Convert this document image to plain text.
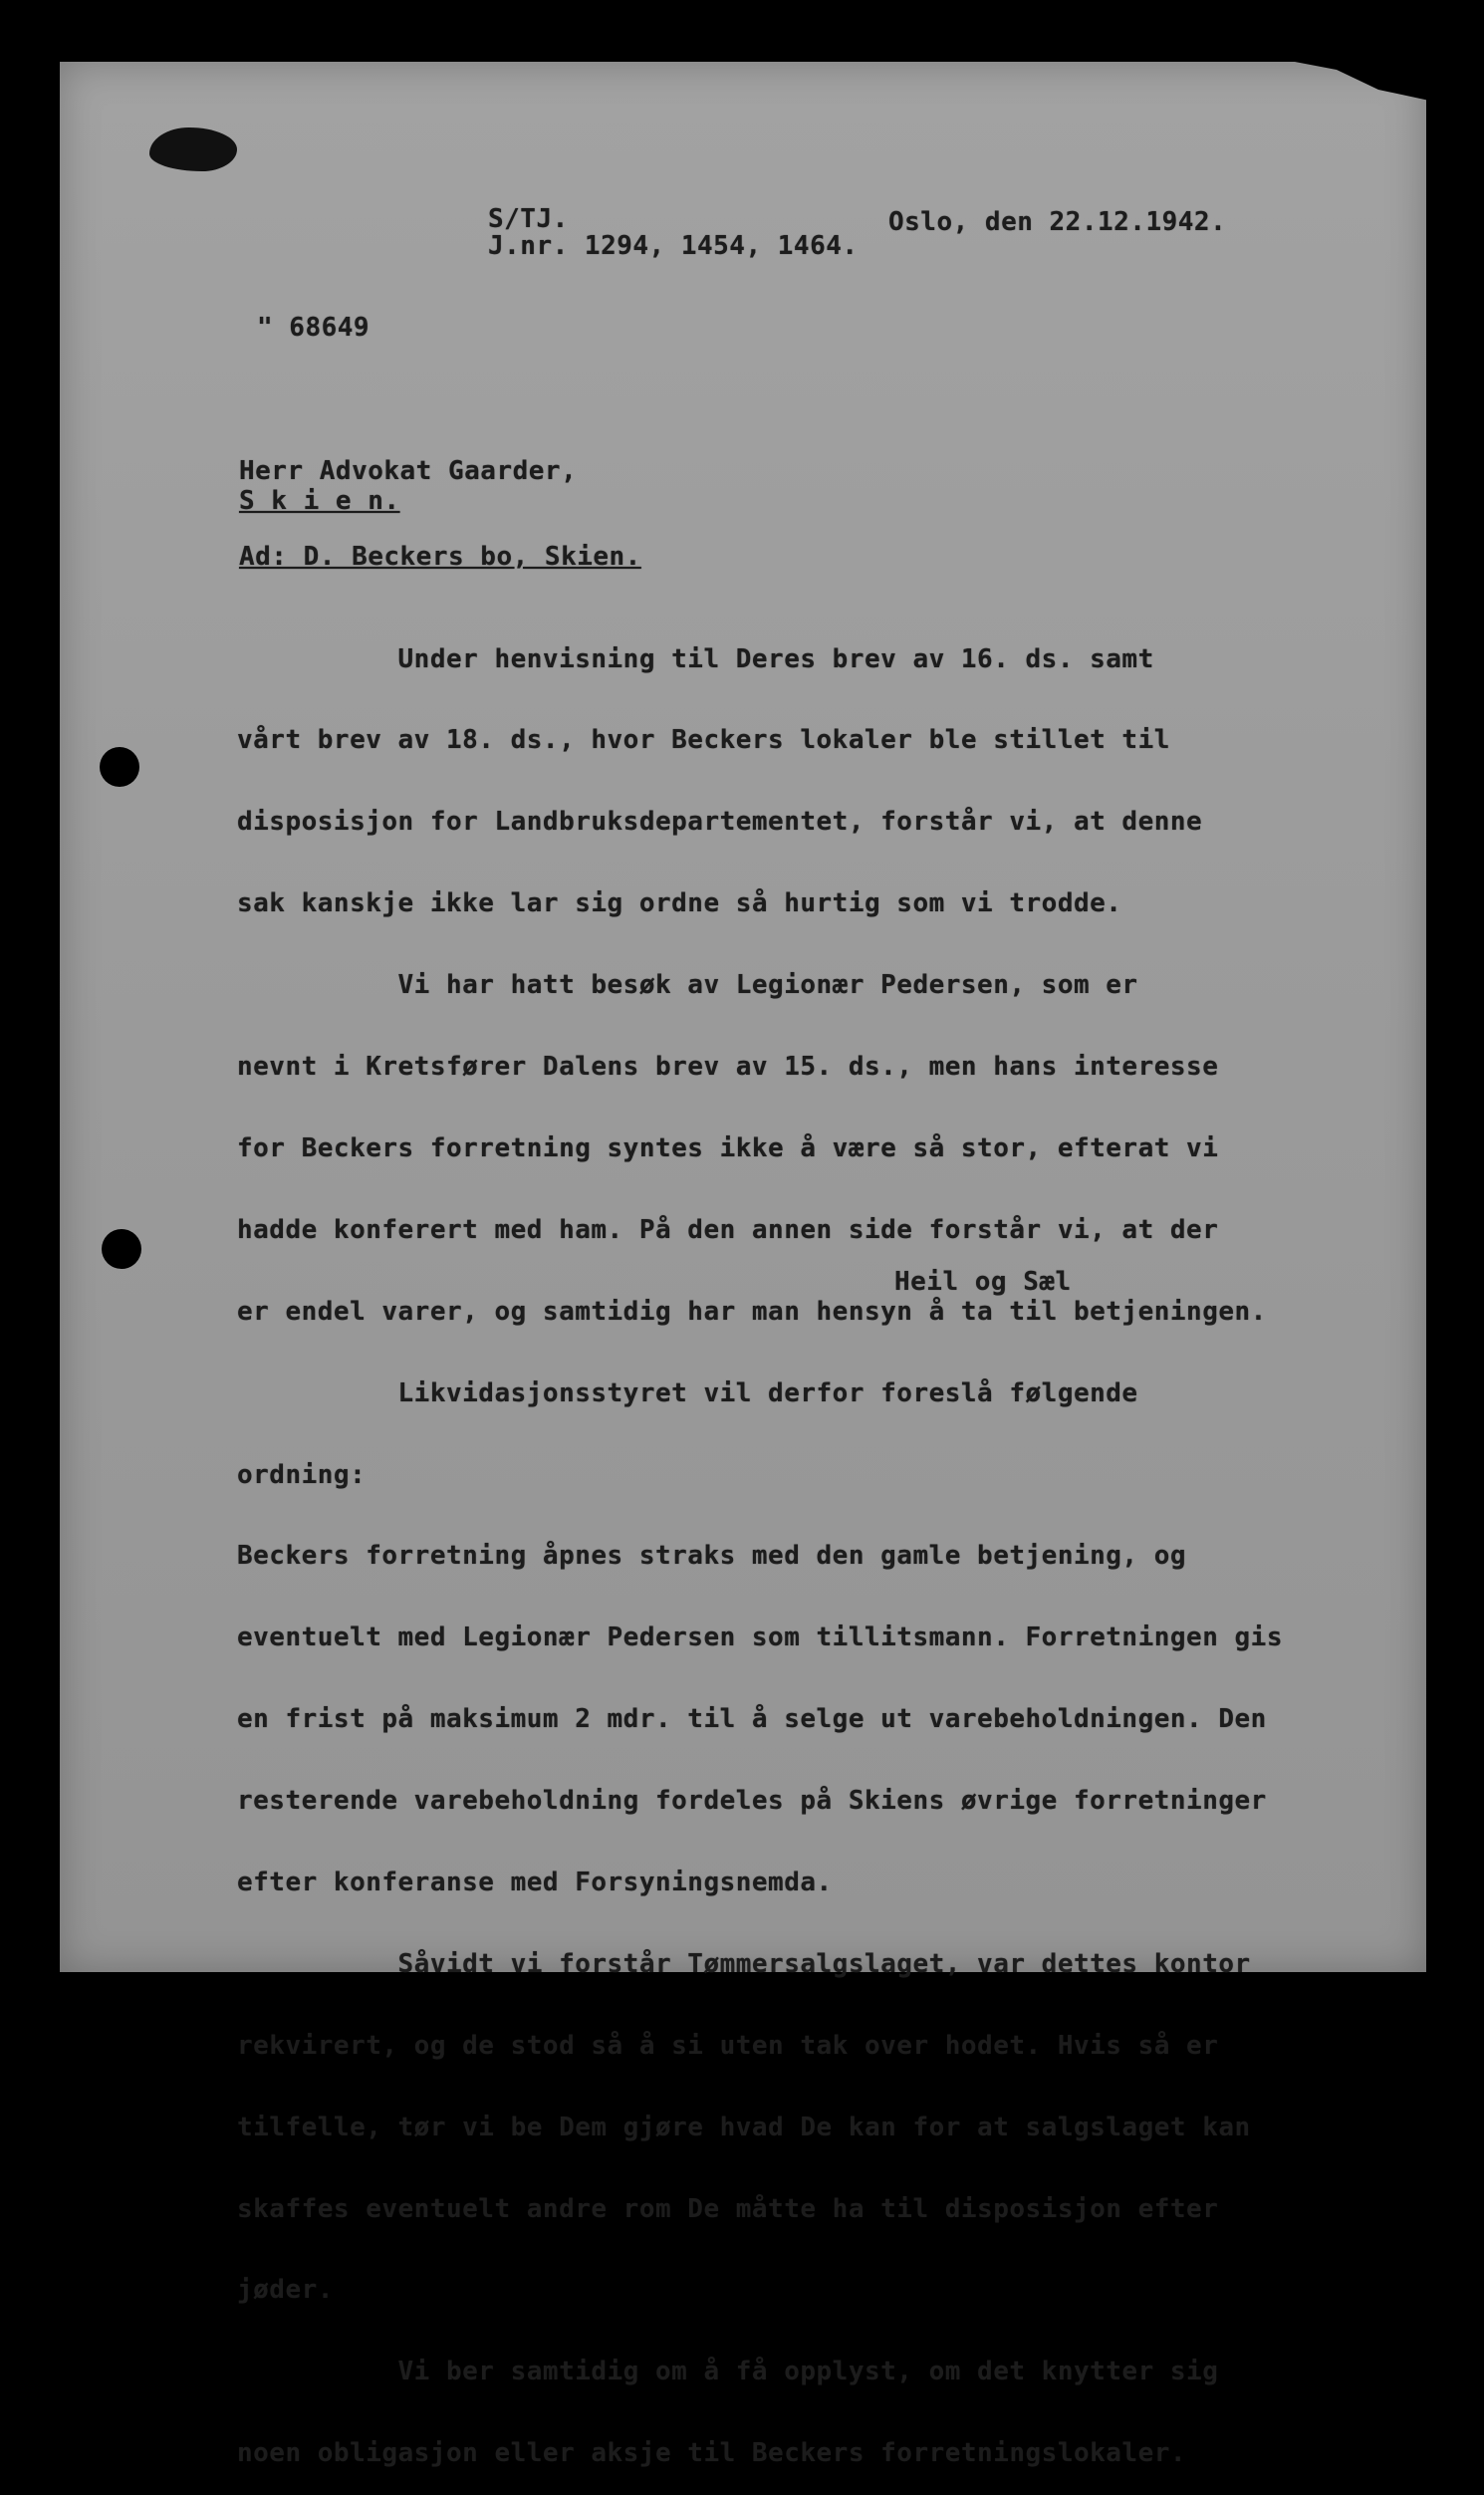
S/TJ.
J.nr. 1294, 1454, 1464.
Oslo, den 22.12.1942.
" 68649
Herr Advokat Gaarder,
S k i e n.
Ad: D. Beckers bo, Skien.

Under henvisning til Deres brev av 16. ds. samt

vårt brev av 18. ds., hvor Beckers lokaler ble stillet til

disposisjon for Landbruksdepartementet, forstår vi, at denne

sak kanskje ikke lar sig ordne så hurtig som vi trodde.

Vi har hatt besøk av Legionær Pedersen, som er

nevnt i Kretsfører Dalens brev av 15. ds., men hans interesse

for Beckers forretning syntes ikke å være så stor, efterat vi

hadde konferert med ham. På den annen side forstår vi, at der

er endel varer, og samtidig har man hensyn å ta til betjeningen.

Likvidasjonsstyret vil derfor foreslå følgende

ordning:

Beckers forretning åpnes straks med den gamle betjening, og

eventuelt med Legionær Pedersen som tillitsmann. Forretningen gis

en frist på maksimum 2 mdr. til å selge ut varebeholdningen. Den

resterende varebeholdning fordeles på Skiens øvrige forretninger

efter konferanse med Forsyningsnemda.

Såvidt vi forstår Tømmersalgslaget, var dettes kontor

rekvirert, og de stod så å si uten tak over hodet. Hvis så er

tilfelle, tør vi be Dem gjøre hvad De kan for at salgslaget kan

skaffes eventuelt andre rom De måtte ha til disposisjon efter

jøder.

Vi ber samtidig om å få opplyst, om det knytter sig

noen obligasjon eller aksje til Beckers forretningslokaler.

Heil og Sæl
